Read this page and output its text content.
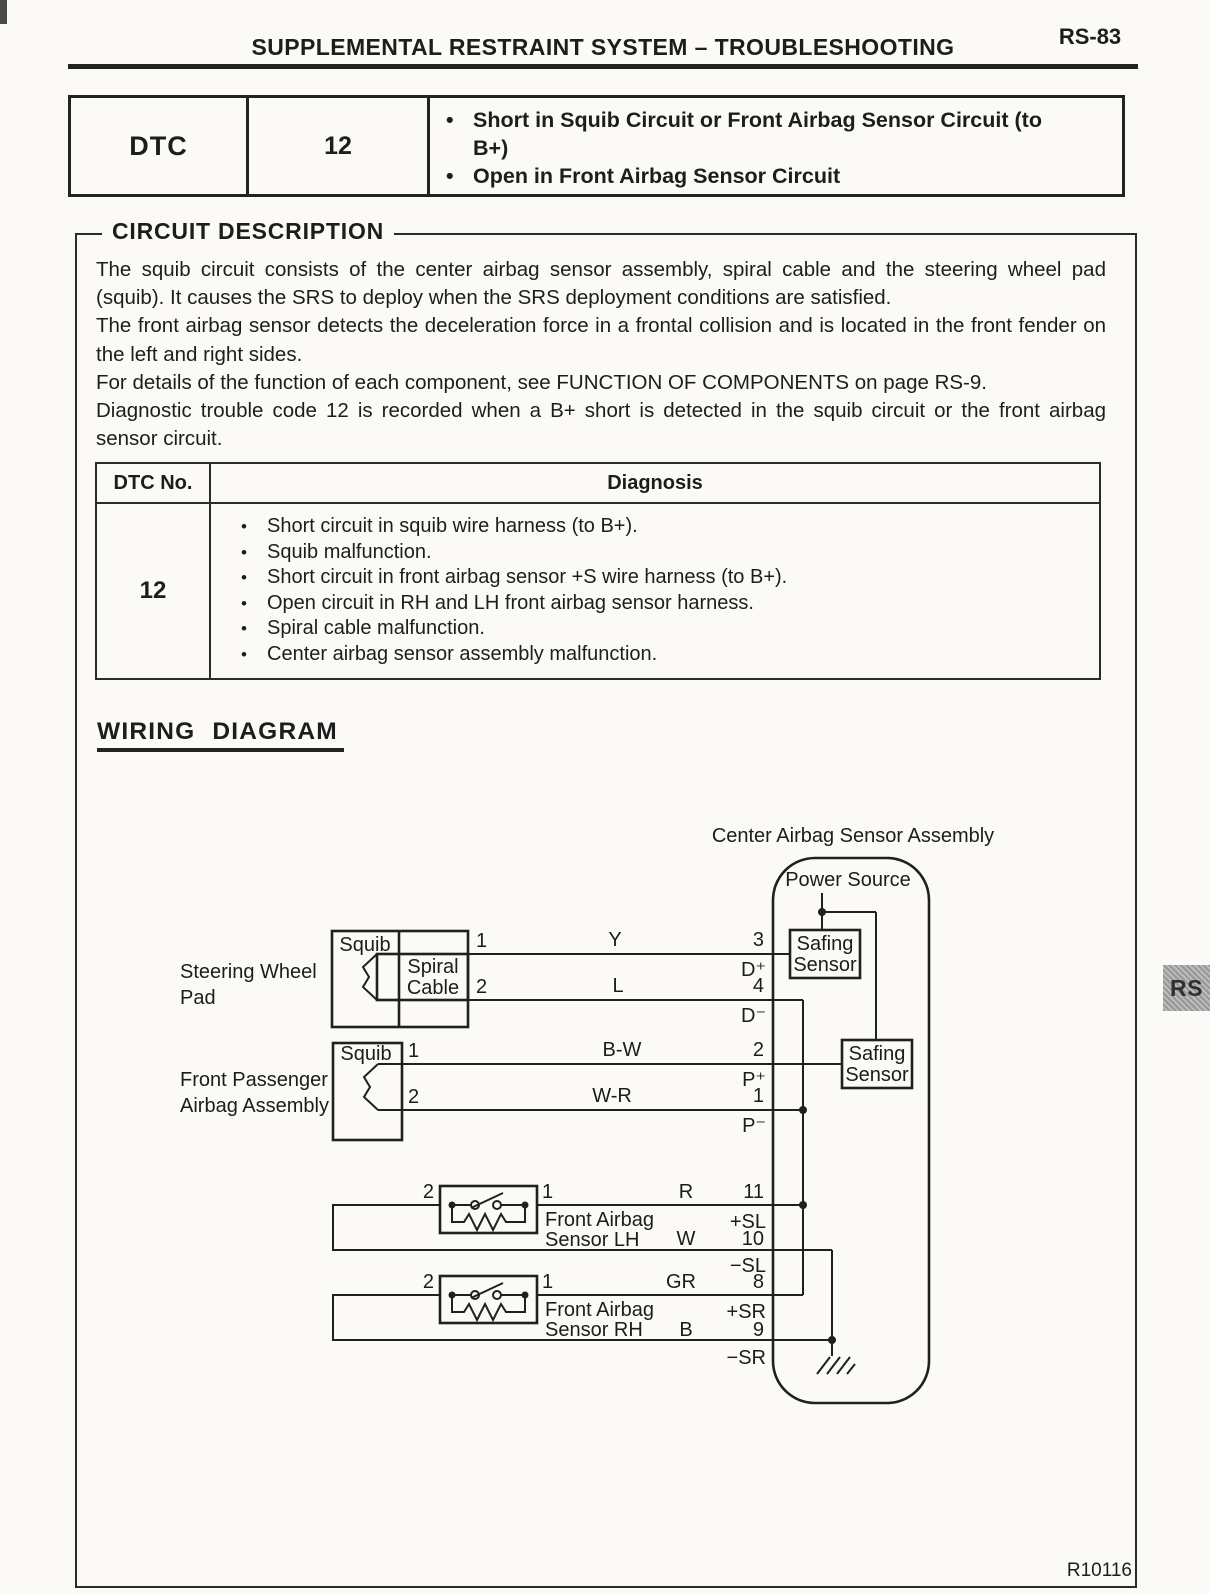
RS-83
SUPPLEMENTAL RESTRAINT SYSTEM – TROUBLESHOOTING
DTC	12
• Short in Squib Circuit or Front Airbag Sensor Circuit (to B+)
• Open in Front Airbag Sensor Circuit
CIRCUIT DESCRIPTION

The squib circuit consists of the center airbag sensor assembly, spiral cable and the steering wheel pad (squib). It causes the SRS to deploy when the SRS deployment conditions are satisfied.

The front airbag sensor detects the deceleration force in a frontal collision and is located in the front fender on the left and right sides.

For details of the function of each component, see FUNCTION OF COMPONENTS on page RS-9.

Diagnostic trouble code 12 is recorded when a B+ short is detected in the squib circuit or the front airbag sensor circuit.

DTC No.	Diagnosis
12
• Short circuit in squib wire harness (to B+).
• Squib malfunction.
• Short circuit in front airbag sensor +S wire harness (to B+).
• Open circuit in RH and LH front airbag sensor harness.
• Spiral cable malfunction.
• Center airbag sensor assembly malfunction.
WIRING DIAGRAM
Center Airbag Sensor Assembly
Power Source
Safing
Sensor
Safing
Sensor
Steering Wheel
Pad
Squib
Spiral
Cable
1
2
Y
L
3
4
D⁺
D⁻
Front Passenger
Airbag Assembly
Squib 1
2
B-W
W-R
2
1
P⁺
P⁻
2	1
Front Airbag
Sensor LH
R
W
11
10
+SL
−SL
2	1
Front Airbag
Sensor RH
GR
B
8
9
+SR
−SR
R10116
RS
